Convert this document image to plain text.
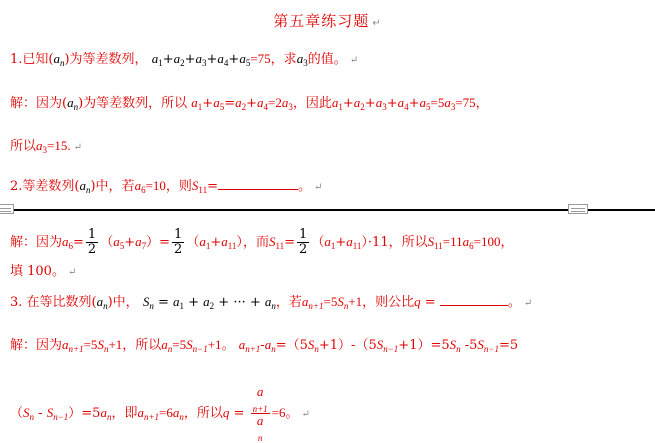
第五章练习题 ↵
1.已知$(a_n)$为等差数列， $a_1+a_2+a_3+a_4+a_5=75$，求$a_3$的值。 ↵
解：因为$(a_n)$为等差数列，所以 $a_1+a_5=a_2+a_4=2a_3$，因此$a_1+a_2+a_3+a_4+a_5=5a_3=75$，
所以$a_3=15$. ↵
2.等差数列$(a_n)$中，若$a_6=10$，则$S_{11}=$	。 ↵
解：因为$a_6= \frac{1}{2} (a_5+a_7)= \frac{1}{2} (a_1+a_{11})$，而$S_{11}= \frac{1}{2} (a_1+a_{11})\cdot 11$，所以$S_{11}=11a_6=100$，
填 100。 ↵
3. 在等比数列$(a_n)$中， $S_n = a_1 + a_2$ + ··· + $a_n$，若$a_{n+1}=5S_n+1$，则公比q =	。 ↵
解：因为$a_{n+1}=5S_n+1$，所以$a_n=5S_{n-1}+1$。 $a_{n+1}-a_n=(5S_n+1)-(5S_{n-1}+1)=5S_n$ $-5S_{n-1}=5$
$(S_n - S_{n-1})=5a_n$，即$a_{n+1}=6a_n$，所以q = a
$_{n+1}$
a
$_n$ =6。 ↵
